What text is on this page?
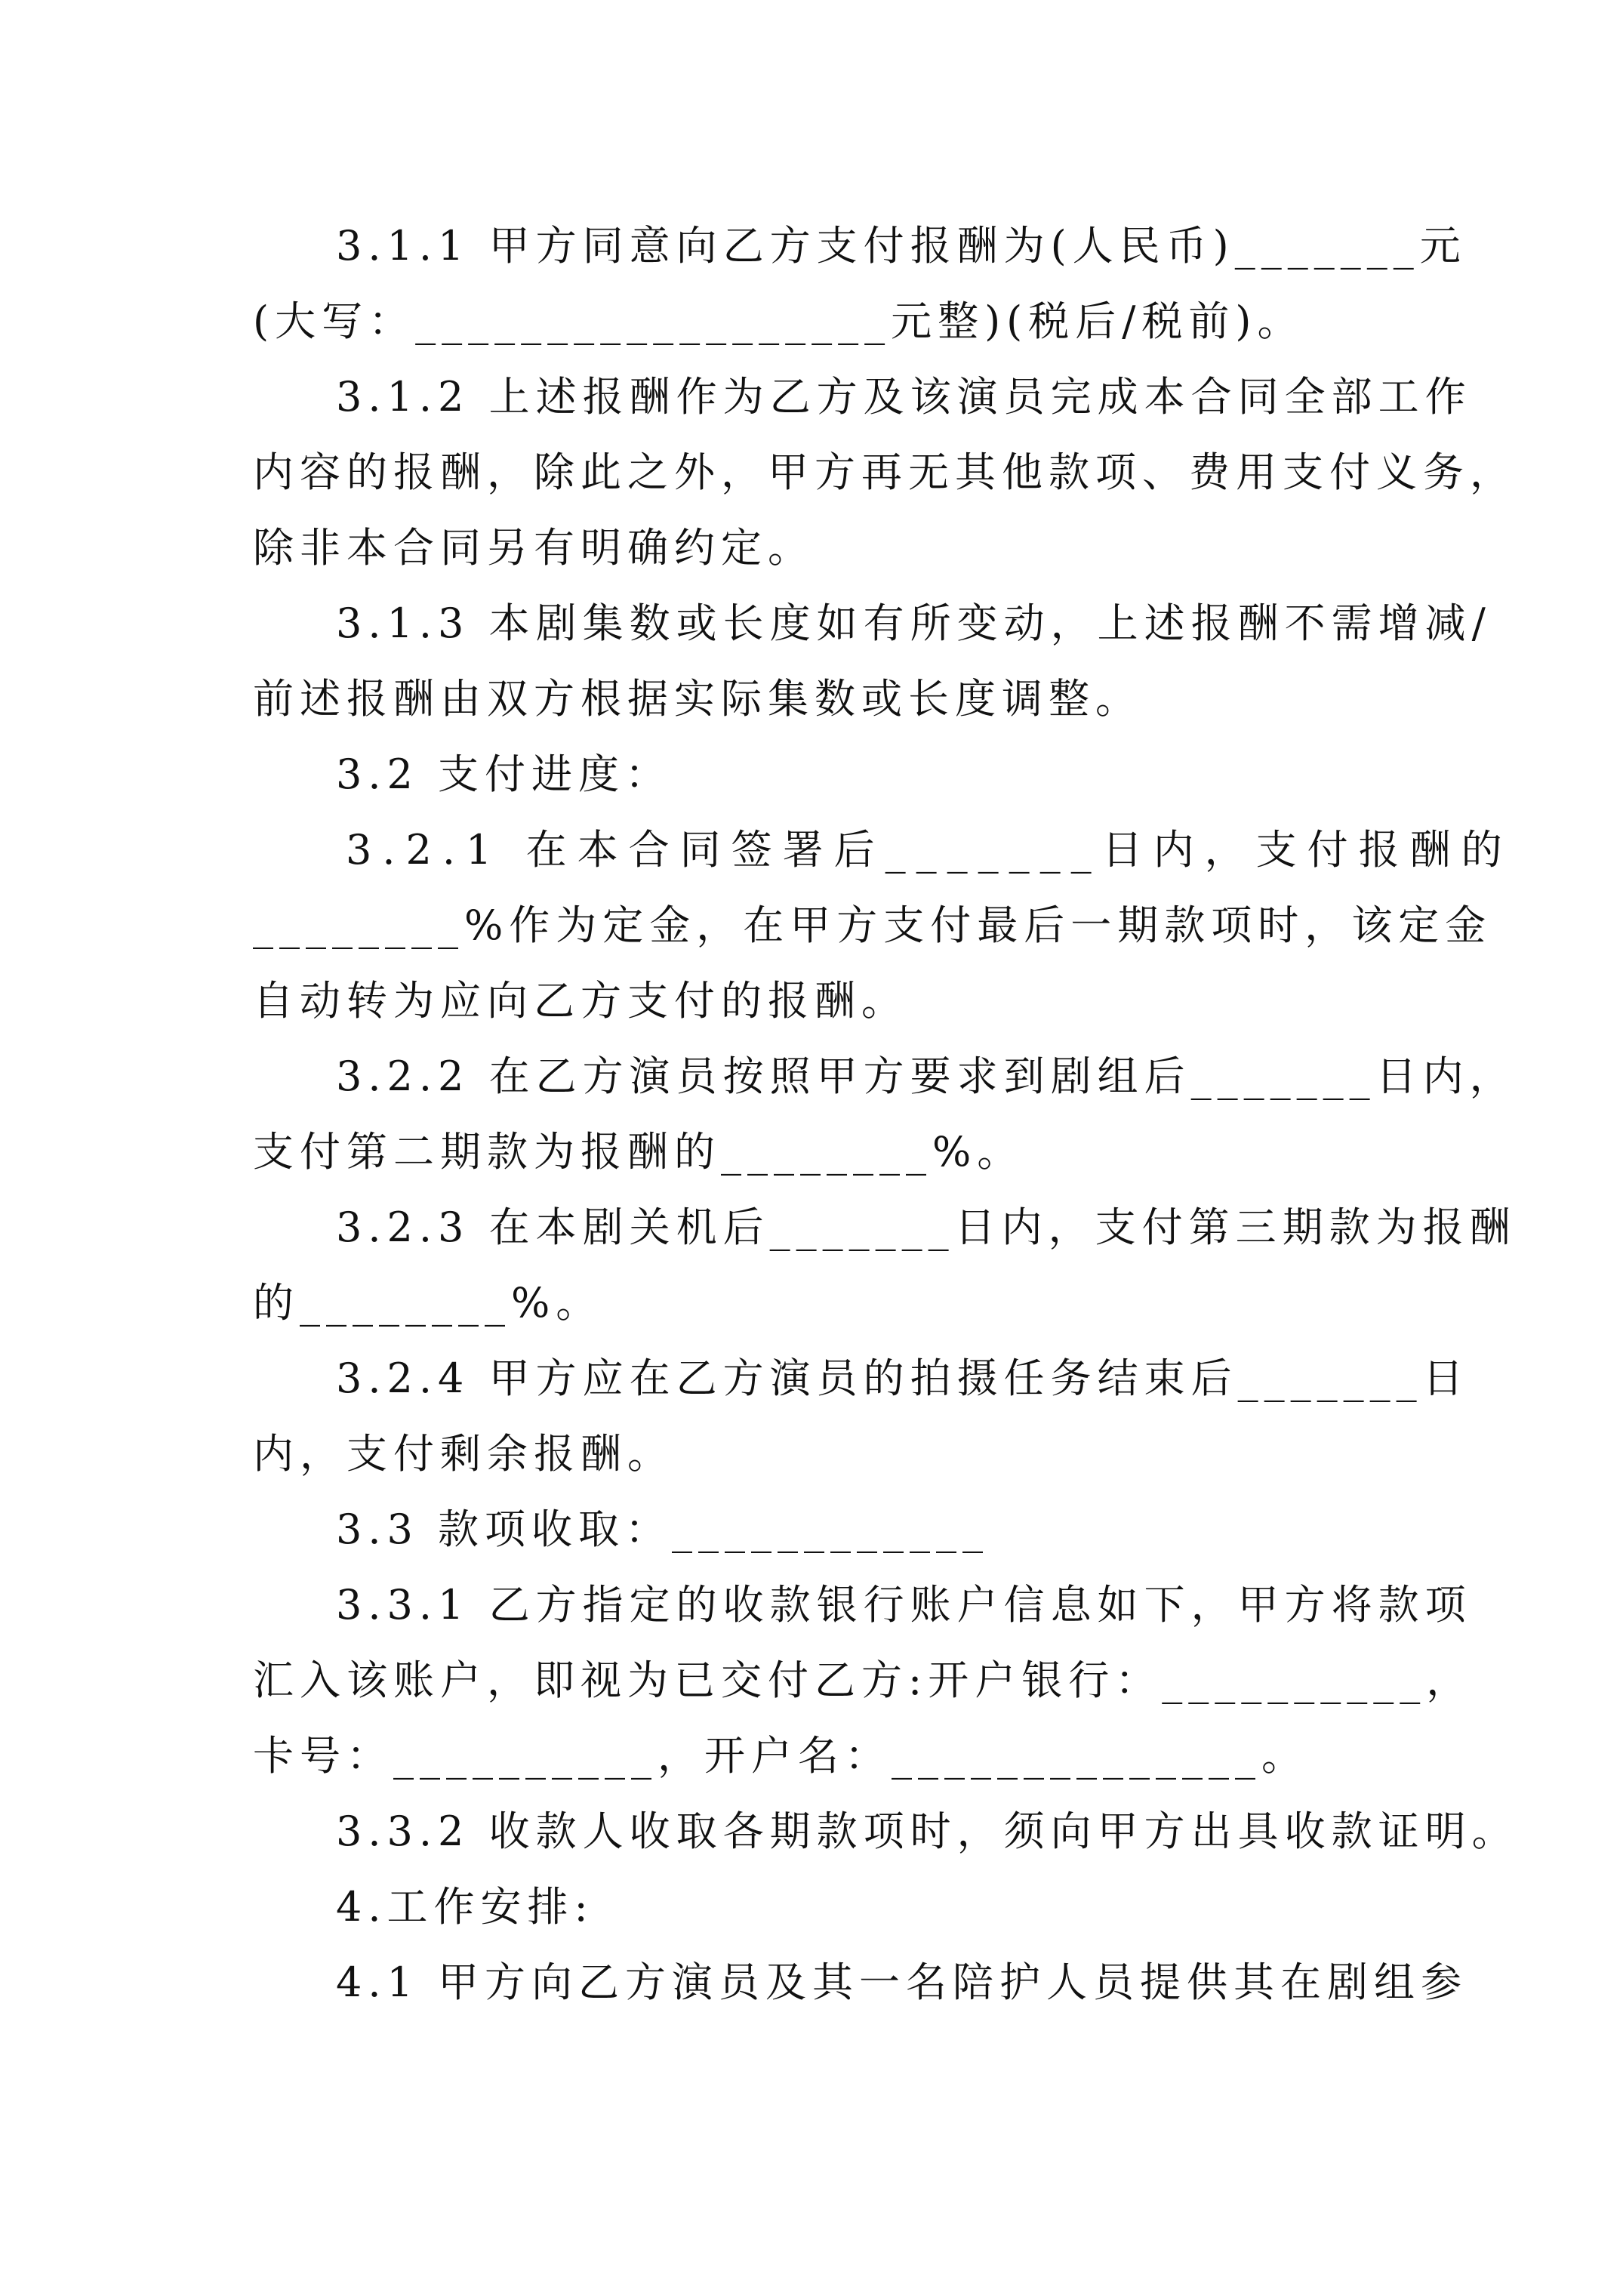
3.1.1 甲方同意向乙方支付报酬为(人民币)_______元
(大写：__________________元整)(税后/税前)。
3.1.2 上述报酬作为乙方及该演员完成本合同全部工作
内容的报酬，除此之外，甲方再无其他款项、费用支付义务，
除非本合同另有明确约定。
3.1.3 本剧集数或长度如有所变动，上述报酬不需增减/
前述报酬由双方根据实际集数或长度调整。
3.2 支付进度：
3.2.1 在本合同签署后_______日内，支付报酬的
________%作为定金，在甲方支付最后一期款项时，该定金
自动转为应向乙方支付的报酬。
3.2.2 在乙方演员按照甲方要求到剧组后_______日内，
支付第二期款为报酬的________%。
3.2.3 在本剧关机后_______日内，支付第三期款为报酬
的________%。
3.2.4 甲方应在乙方演员的拍摄任务结束后_______日
内，支付剩余报酬。
3.3 款项收取：____________
3.3.1 乙方指定的收款银行账户信息如下，甲方将款项
汇入该账户，即视为已交付乙方:开户银行：__________，
卡号：__________，开户名：______________。
3.3.2 收款人收取各期款项时，须向甲方出具收款证明。
4.工作安排:
4.1 甲方向乙方演员及其一名陪护人员提供其在剧组参
